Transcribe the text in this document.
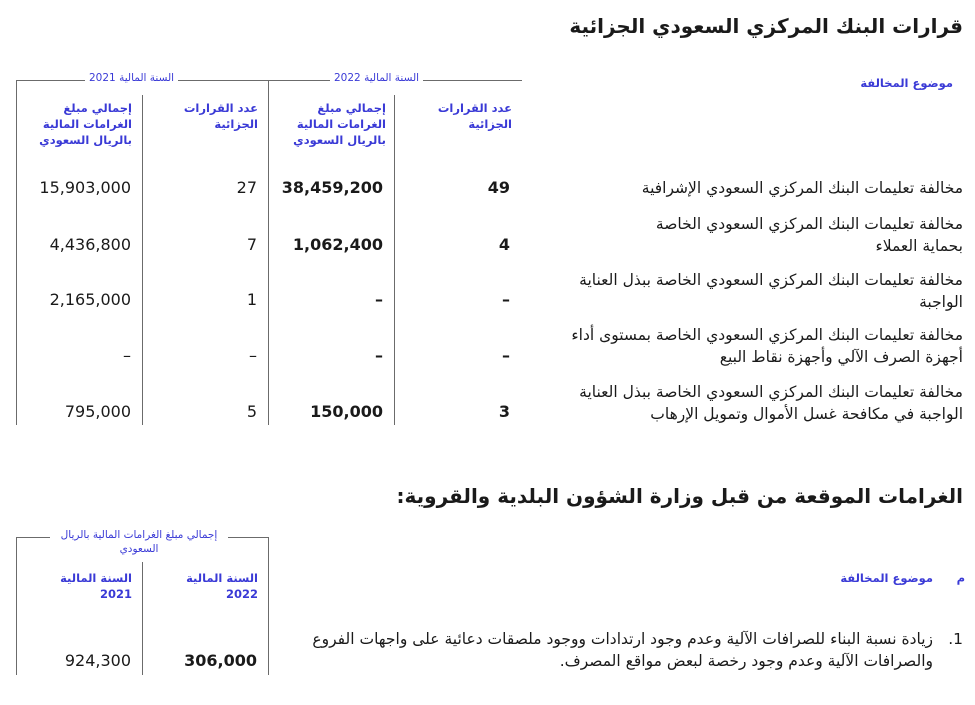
قرارات البنك المركزي السعودي الجزائية
السنة المالية 2022
السنة المالية 2021	موضوع المخالفة
عدد القرارات الجزائية
إجمالي مبلغ الغرامات المالية بالريال السعودي
عدد القرارات الجزائية
إجمالي مبلغ الغرامات المالية بالريال السعودي
مخالفة تعليمات البنك المركزي السعودي الإشرافية
49
38,459,200
27
15,903,000
مخالفة تعليمات البنك المركزي السعودي الخاصة بحماية العملاء
4
1,062,400
7
4,436,800
مخالفة تعليمات البنك المركزي السعودي الخاصة ببذل العناية الواجبة
–
–
1
2,165,000
مخالفة تعليمات البنك المركزي السعودي الخاصة بمستوى أداء أجهزة الصرف الآلي وأجهزة نقاط البيع
–
–
–
–
مخالفة تعليمات البنك المركزي السعودي الخاصة ببذل العناية الواجبة في مكافحة غسل الأموال وتمويل الإرهاب
3
150,000
5
795,000
الغرامات الموقعة من قبل وزارة الشؤون البلدية والقروية:
إجمالي مبلغ الغرامات المالية بالريال السعودي
م
موضوع المخالفة
السنة المالية 2022
السنة المالية 2021
.1
زيادة نسبة البناء للصرافات الآلية وعدم وجود ارتدادات ووجود ملصقات دعائية على واجهات الفروع والصرافات الآلية وعدم وجود رخصة لبعض مواقع المصرف.
306,000
924,300
